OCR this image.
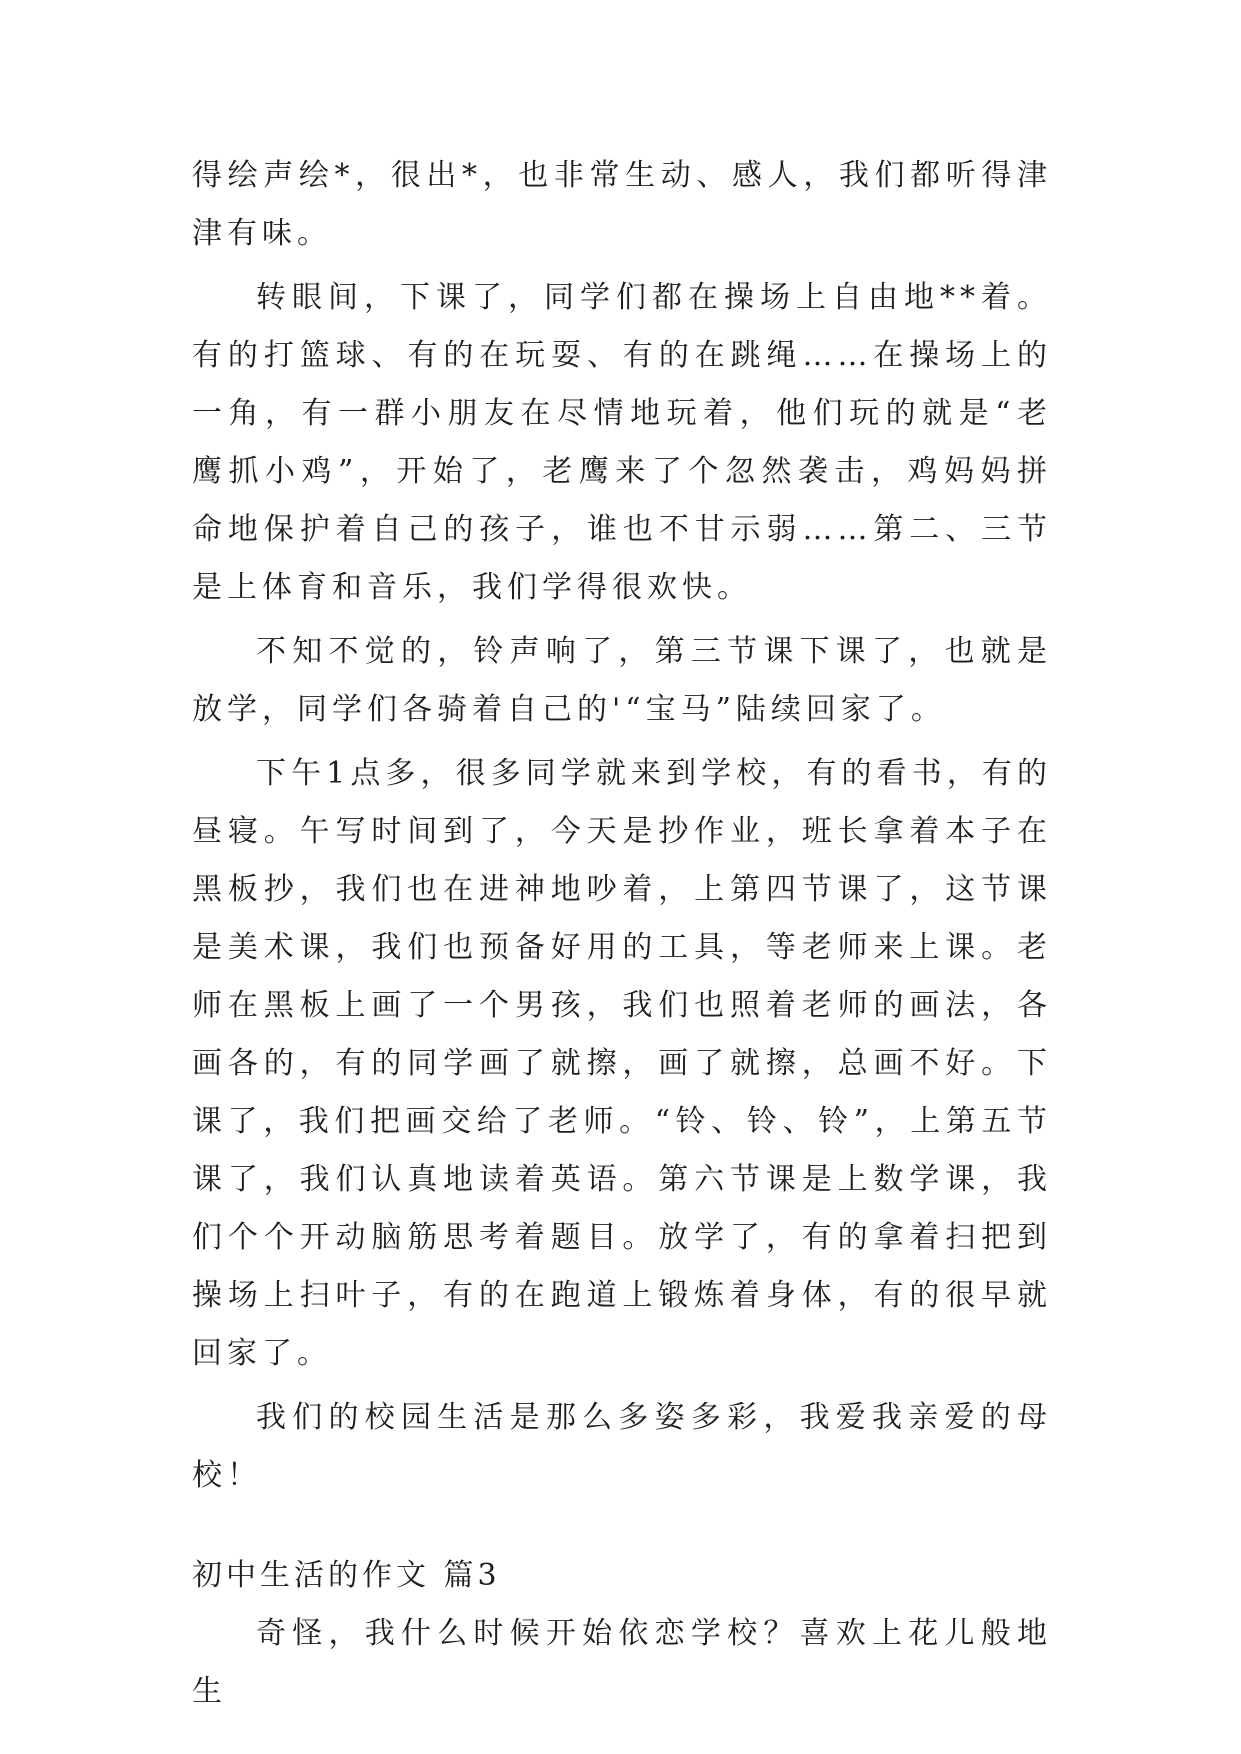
得绘声绘*，很出*，也非常生动、感人，我们都听得津津有味。

转眼间，下课了，同学们都在操场上自由地**着。有的打篮球、有的在玩耍、有的在跳绳……在操场上的一角，有一群小朋友在尽情地玩着，他们玩的就是“老鹰抓小鸡”，开始了，老鹰来了个忽然袭击，鸡妈妈拼命地保护着自己的孩子，谁也不甘示弱……第二、三节是上体育和音乐，我们学得很欢快。

不知不觉的，铃声响了，第三节课下课了，也就是放学，同学们各骑着自己的'“宝马”陆续回家了。

下午1点多，很多同学就来到学校，有的看书，有的昼寝。午写时间到了，今天是抄作业，班长拿着本子在黑板抄，我们也在进神地吵着，上第四节课了，这节课是美术课，我们也预备好用的工具，等老师来上课。老师在黑板上画了一个男孩，我们也照着老师的画法，各画各的，有的同学画了就擦，画了就擦，总画不好。下课了，我们把画交给了老师。“铃、铃、铃”，上第五节课了，我们认真地读着英语。第六节课是上数学课，我们个个开动脑筋思考着题目。放学了，有的拿着扫把到操场上扫叶子，有的在跑道上锻炼着身体，有的很早就回家了。

我们的校园生活是那么多姿多彩，我爱我亲爱的母校！

初中生活的作文 篇3

奇怪，我什么时候开始依恋学校？喜欢上花儿般地生
